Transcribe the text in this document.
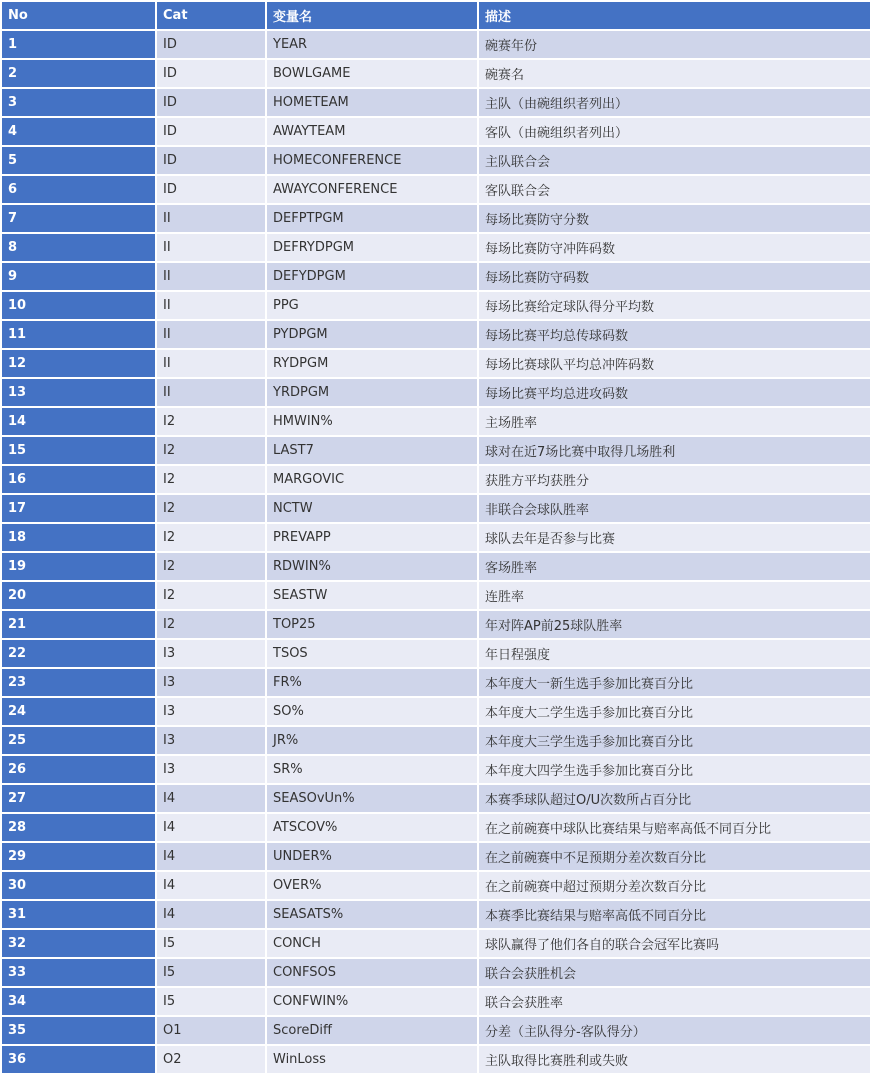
No	Cat	变量名	描述
1	ID	YEAR	碗赛年份
2	ID	BOWLGAME	碗赛名
3	ID	HOMETEAM	主队（由碗组织者列出）
4	ID	AWAYTEAM	客队（由碗组织者列出）
5	ID	HOMECONFERENCE	主队联合会
6	ID	AWAYCONFERENCE	客队联合会
7	II	DEFPTPGM	每场比赛防守分数
8	II	DEFRYDPGM	每场比赛防守冲阵码数
9	II	DEFYDPGM	每场比赛防守码数
10	II	PPG	每场比赛给定球队得分平均数
11	II	PYDPGM	每场比赛平均总传球码数
12	II	RYDPGM	每场比赛球队平均总冲阵码数
13	II	YRDPGM	每场比赛平均总进攻码数
14	I2	HMWIN%	主场胜率
15	I2	LAST7	球对在近7场比赛中取得几场胜利
16	I2	MARGOVIC	获胜方平均获胜分
17	I2	NCTW	非联合会球队胜率
18	I2	PREVAPP	球队去年是否参与比赛
19	I2	RDWIN%	客场胜率
20	I2	SEASTW	连胜率
21	I2	TOP25	年对阵AP前25球队胜率
22	I3	TSOS	年日程强度
23	I3	FR%	本年度大一新生选手参加比赛百分比
24	I3	SO%	本年度大二学生选手参加比赛百分比
25	I3	JR%	本年度大三学生选手参加比赛百分比
26	I3	SR%	本年度大四学生选手参加比赛百分比
27	I4	SEASOvUn%	本赛季球队超过O/U次数所占百分比
28	I4	ATSCOV%	在之前碗赛中球队比赛结果与赔率高低不同百分比
29	I4	UNDER%	在之前碗赛中不足预期分差次数百分比
30	I4	OVER%	在之前碗赛中超过预期分差次数百分比
31	I4	SEASATS%	本赛季比赛结果与赔率高低不同百分比
32	I5	CONCH	球队赢得了他们各自的联合会冠军比赛吗
33	I5	CONFSOS	联合会获胜机会
34	I5	CONFWIN%	联合会获胜率
35	O1	ScoreDiff	分差（主队得分-客队得分）
36	O2	WinLoss	主队取得比赛胜利或失败
